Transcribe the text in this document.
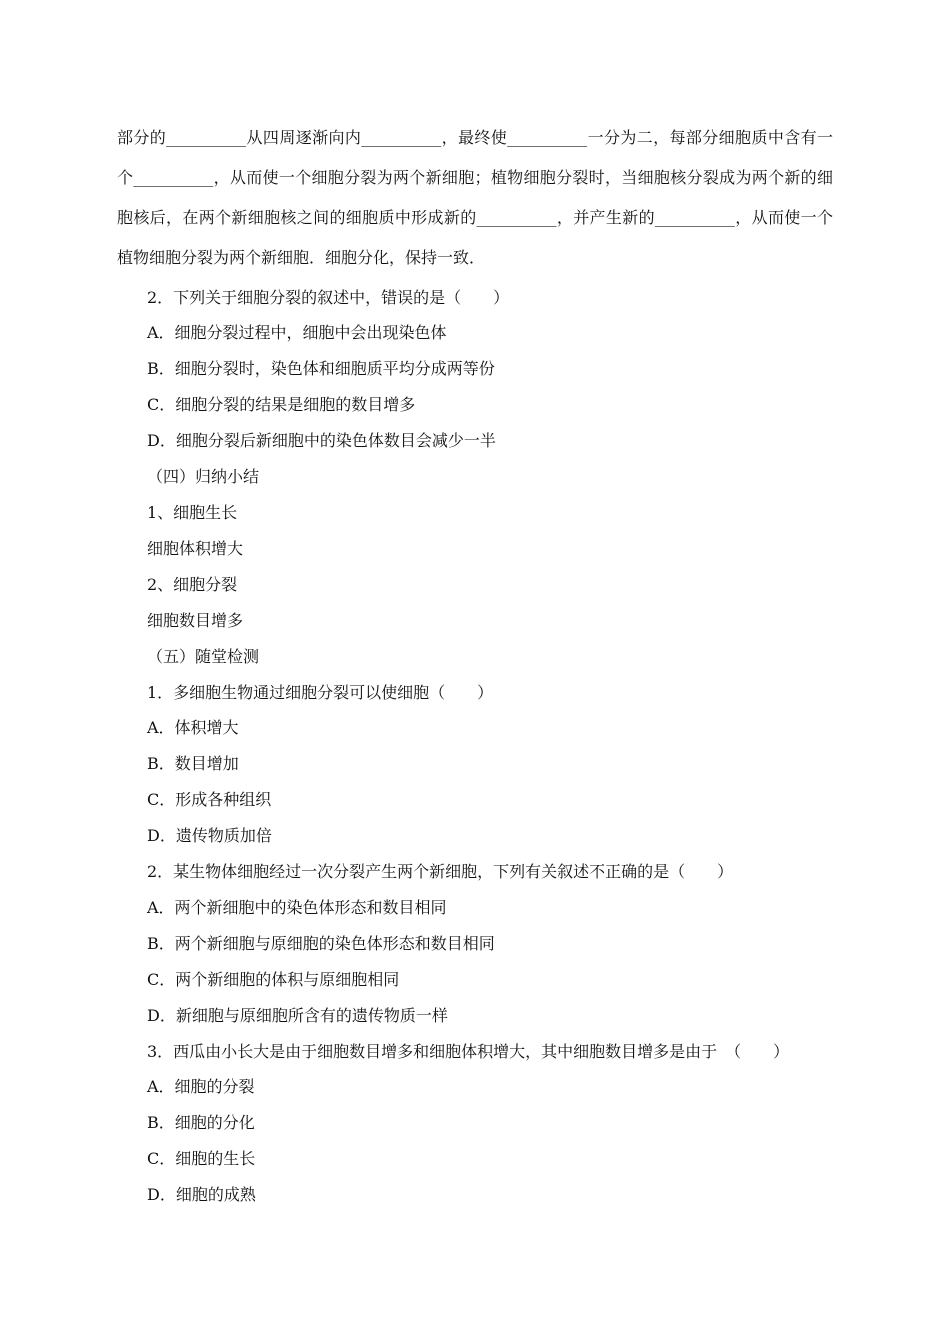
部分的__________从四周逐渐向内__________，最终使__________一分为二，每部分细胞质中含有一个__________，从而使一个细胞分裂为两个新细胞；植物细胞分裂时，当细胞核分裂成为两个新的细胞核后，在两个新细胞核之间的细胞质中形成新的__________，并产生新的__________，从而使一个植物细胞分裂为两个新细胞．细胞分化，保持一致．

2．下列关于细胞分裂的叙述中，错误的是（　　）
A．细胞分裂过程中，细胞中会出现染色体
B．细胞分裂时，染色体和细胞质平均分成两等份
C．细胞分裂的结果是细胞的数目增多
D．细胞分裂后新细胞中的染色体数目会减少一半
（四）归纳小结
1、细胞生长
细胞体积增大
2、细胞分裂
细胞数目增多
（五）随堂检测
1．多细胞生物通过细胞分裂可以使细胞（　　）
A．体积增大
B．数目增加
C．形成各种组织
D．遗传物质加倍
2．某生物体细胞经过一次分裂产生两个新细胞，下列有关叙述不正确的是（　　）
A．两个新细胞中的染色体形态和数目相同
B．两个新细胞与原细胞的染色体形态和数目相同
C．两个新细胞的体积与原细胞相同
D．新细胞与原细胞所含有的遗传物质一样
3．西瓜由小长大是由于细胞数目增多和细胞体积增大，其中细胞数目增多是由于　（　　）
A．细胞的分裂
B．细胞的分化
C．细胞的生长
D．细胞的成熟
